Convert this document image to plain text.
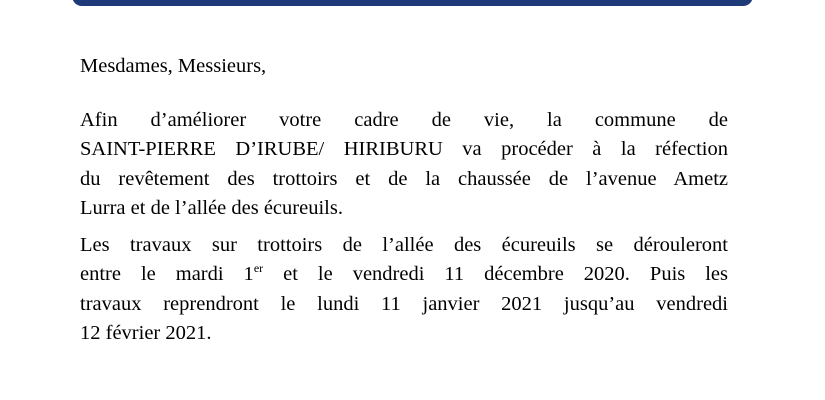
Mesdames, Messieurs,
Afin d’améliorer votre cadre de vie, la commune de
SAINT-PIERRE D’IRUBE/ HIRIBURU va procéder à la réfection
du revêtement des trottoirs et de la chaussée de l’avenue Ametz
Lurra et de l’allée des écureuils.
Les travaux sur trottoirs de l’allée des écureuils se dérouleront
entre le mardi 1er et le vendredi 11 décembre 2020. Puis les
travaux reprendront le lundi 11 janvier 2021 jusqu’au vendredi
12 février 2021.
